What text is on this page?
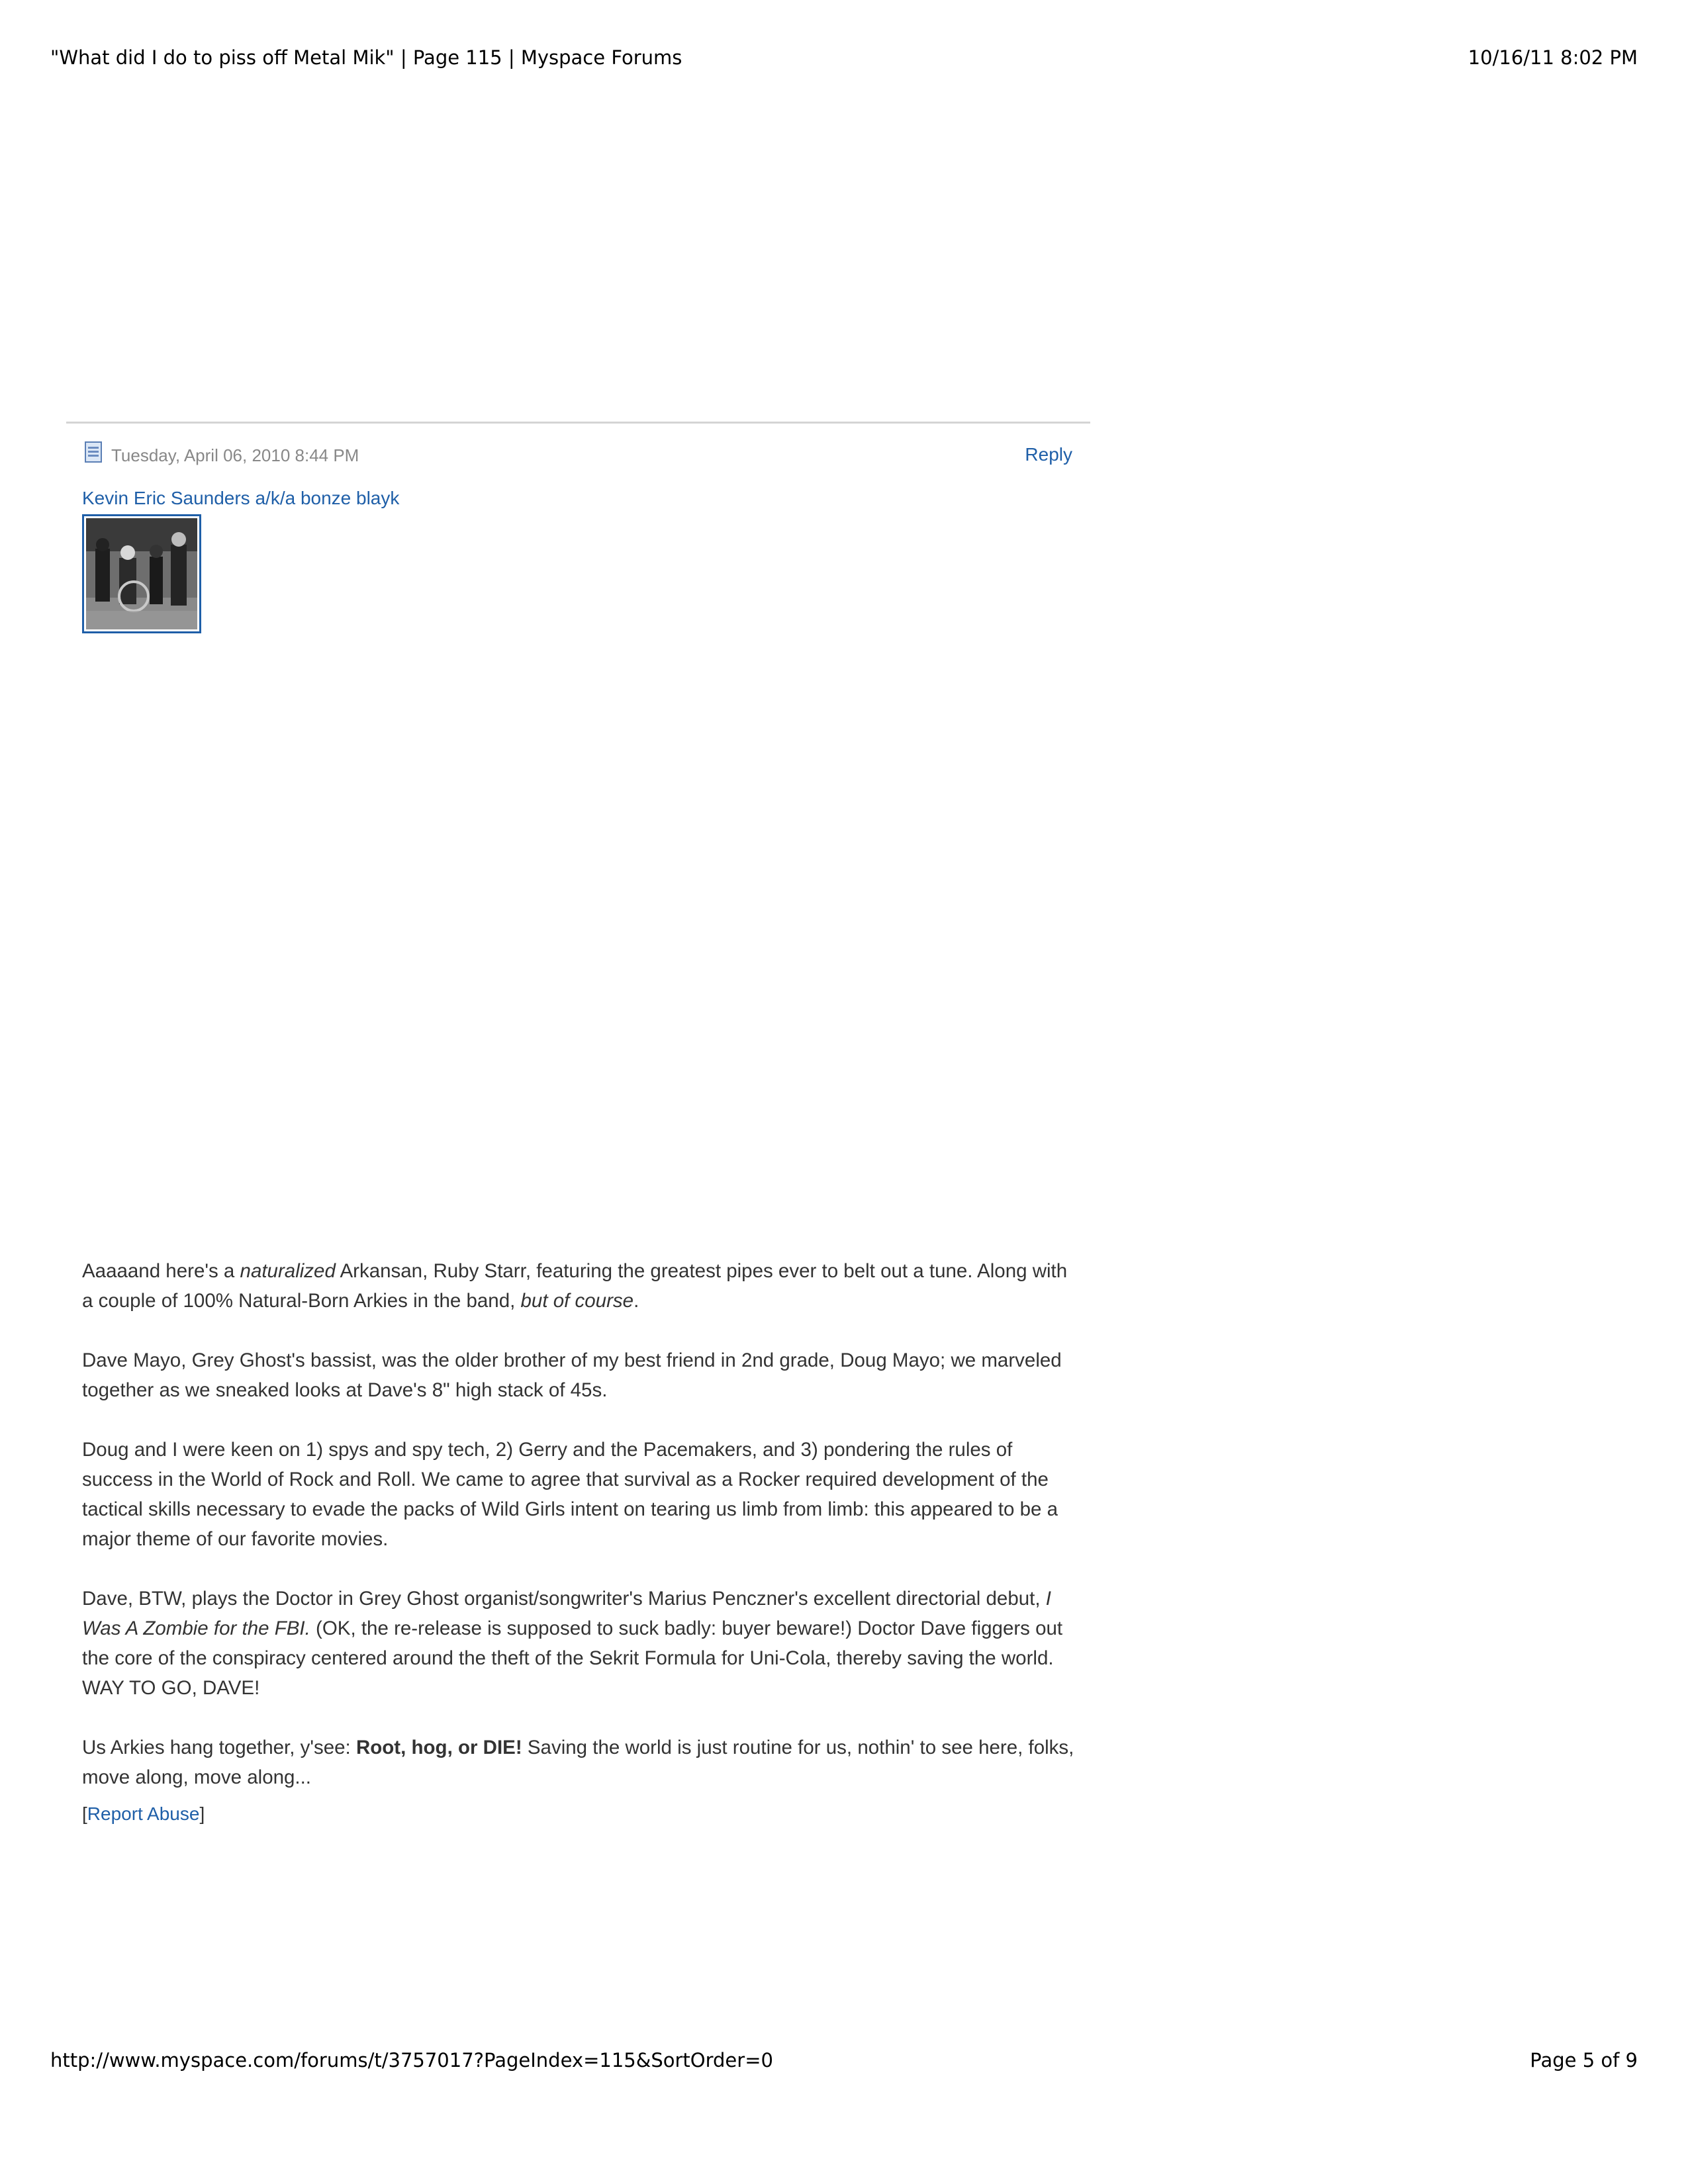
"What did I do to piss off Metal Mik" | Page 115 | Myspace Forums	10/16/11 8:02 PM
Tuesday, April 06, 2010 8:44 PM	Reply
Kevin Eric Saunders a/k/a bonze blayk

Aaaaand here's a naturalized Arkansan, Ruby Starr, featuring the greatest pipes ever to belt out a tune. Along with a couple of 100% Natural-Born Arkies in the band, but of course.

Dave Mayo, Grey Ghost's bassist, was the older brother of my best friend in 2nd grade, Doug Mayo; we marveled together as we sneaked looks at Dave's 8" high stack of 45s.

Doug and I were keen on 1) spys and spy tech, 2) Gerry and the Pacemakers, and 3) pondering the rules of success in the World of Rock and Roll. We came to agree that survival as a Rocker required development of the tactical skills necessary to evade the packs of Wild Girls intent on tearing us limb from limb: this appeared to be a major theme of our favorite movies.

Dave, BTW, plays the Doctor in Grey Ghost organist/songwriter's Marius Penczner's excellent directorial debut, I Was A Zombie for the FBI. (OK, the re-release is supposed to suck badly: buyer beware!) Doctor Dave figgers out the core of the conspiracy centered around the theft of the Sekrit Formula for Uni-Cola, thereby saving the world. WAY TO GO, DAVE!

Us Arkies hang together, y'see: Root, hog, or DIE! Saving the world is just routine for us, nothin' to see here, folks, move along, move along...

[Report Abuse]
http://www.myspace.com/forums/t/3757017?PageIndex=115&SortOrder=0	Page 5 of 9
